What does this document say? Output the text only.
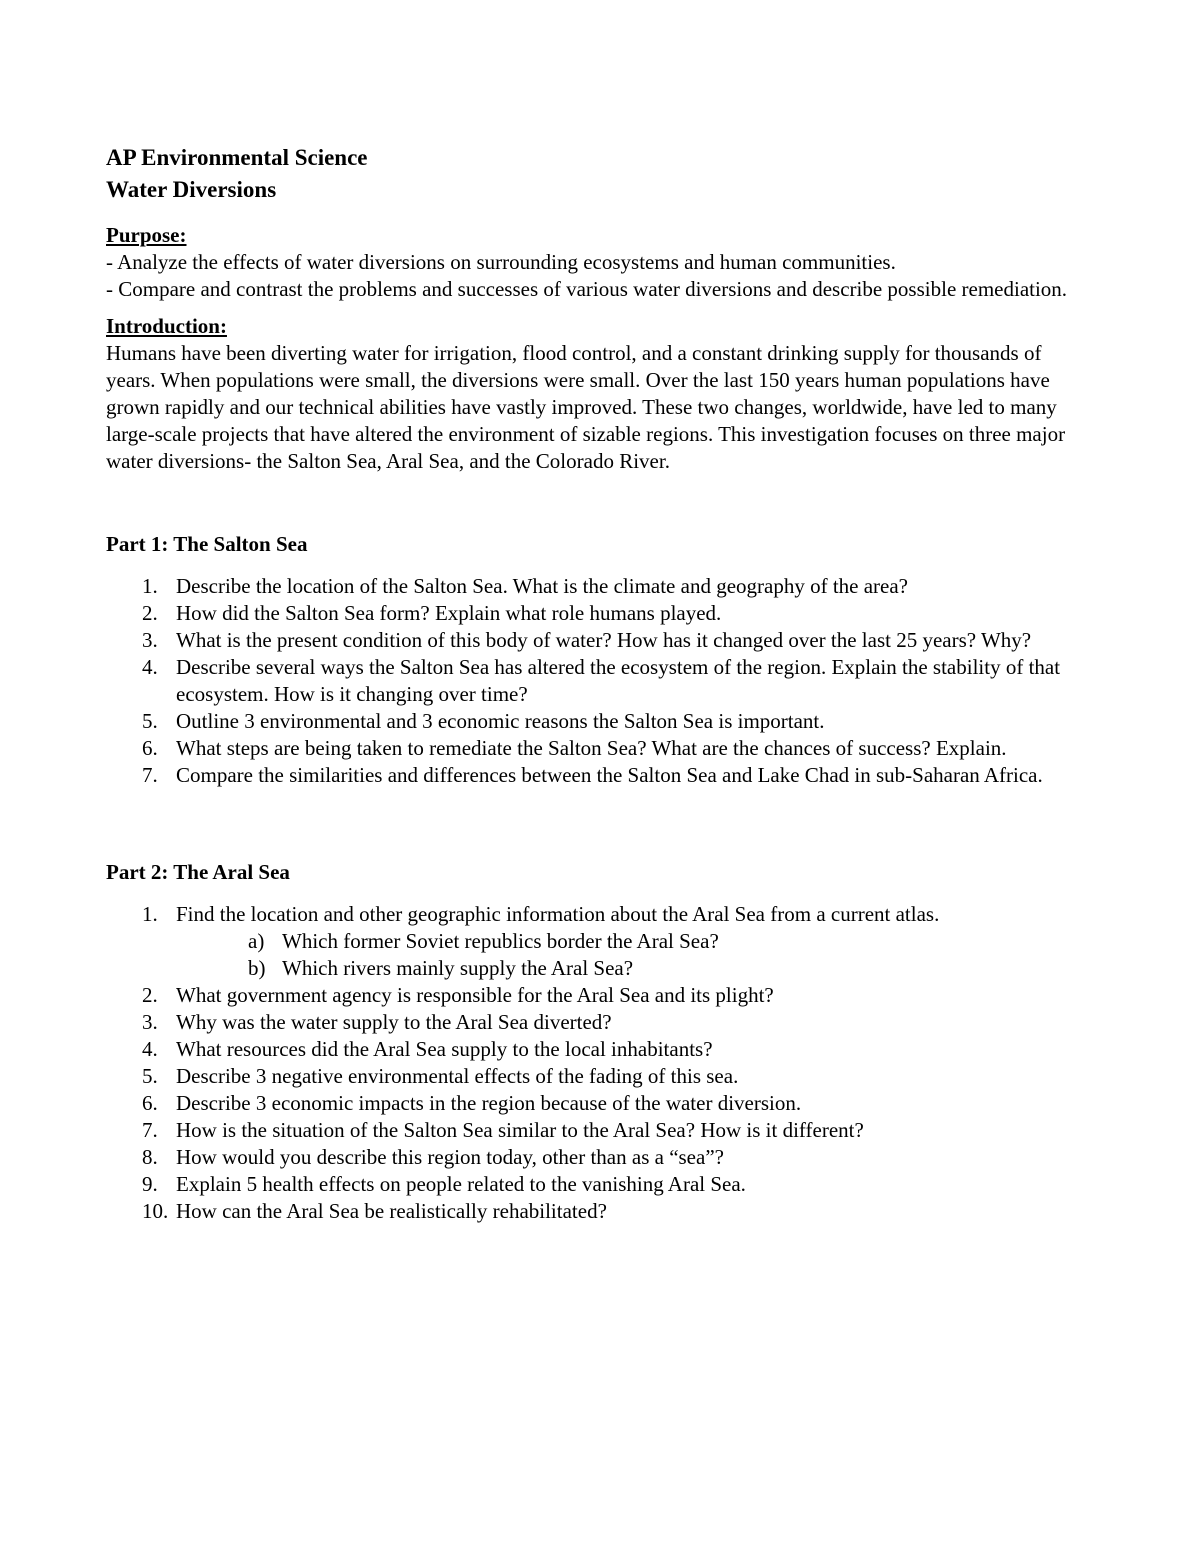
AP Environmental Science

Water Diversions

Purpose:

- Analyze the effects of water diversions on surrounding ecosystems and human communities.

- Compare and contrast the problems and successes of various water diversions and describe possible remediation.

Introduction:

Humans have been diverting water for irrigation, flood control, and a constant drinking supply for thousands of years. When populations were small, the diversions were small. Over the last 150 years human populations have grown rapidly and our technical abilities have vastly improved. These two changes, worldwide, have led to many large-scale projects that have altered the environment of sizable regions. This investigation focuses on three major water diversions- the Salton Sea, Aral Sea, and the Colorado River.

Part 1: The Salton Sea

1. Describe the location of the Salton Sea. What is the climate and geography of the area?
2. How did the Salton Sea form? Explain what role humans played.
3. What is the present condition of this body of water? How has it changed over the last 25 years? Why?
4. Describe several ways the Salton Sea has altered the ecosystem of the region. Explain the stability of that ecosystem. How is it changing over time?
5. Outline 3 environmental and 3 economic reasons the Salton Sea is important.
6. What steps are being taken to remediate the Salton Sea? What are the chances of success? Explain.
7. Compare the similarities and differences between the Salton Sea and Lake Chad in sub-Saharan Africa.

Part 2: The Aral Sea

1. Find the location and other geographic information about the Aral Sea from a current atlas.
a) Which former Soviet republics border the Aral Sea?
b) Which rivers mainly supply the Aral Sea?
2. What government agency is responsible for the Aral Sea and its plight?
3. Why was the water supply to the Aral Sea diverted?
4. What resources did the Aral Sea supply to the local inhabitants?
5. Describe 3 negative environmental effects of the fading of this sea.
6. Describe 3 economic impacts in the region because of the water diversion.
7. How is the situation of the Salton Sea similar to the Aral Sea? How is it different?
8. How would you describe this region today, other than as a “sea”?
9. Explain 5 health effects on people related to the vanishing Aral Sea.
10. How can the Aral Sea be realistically rehabilitated?
